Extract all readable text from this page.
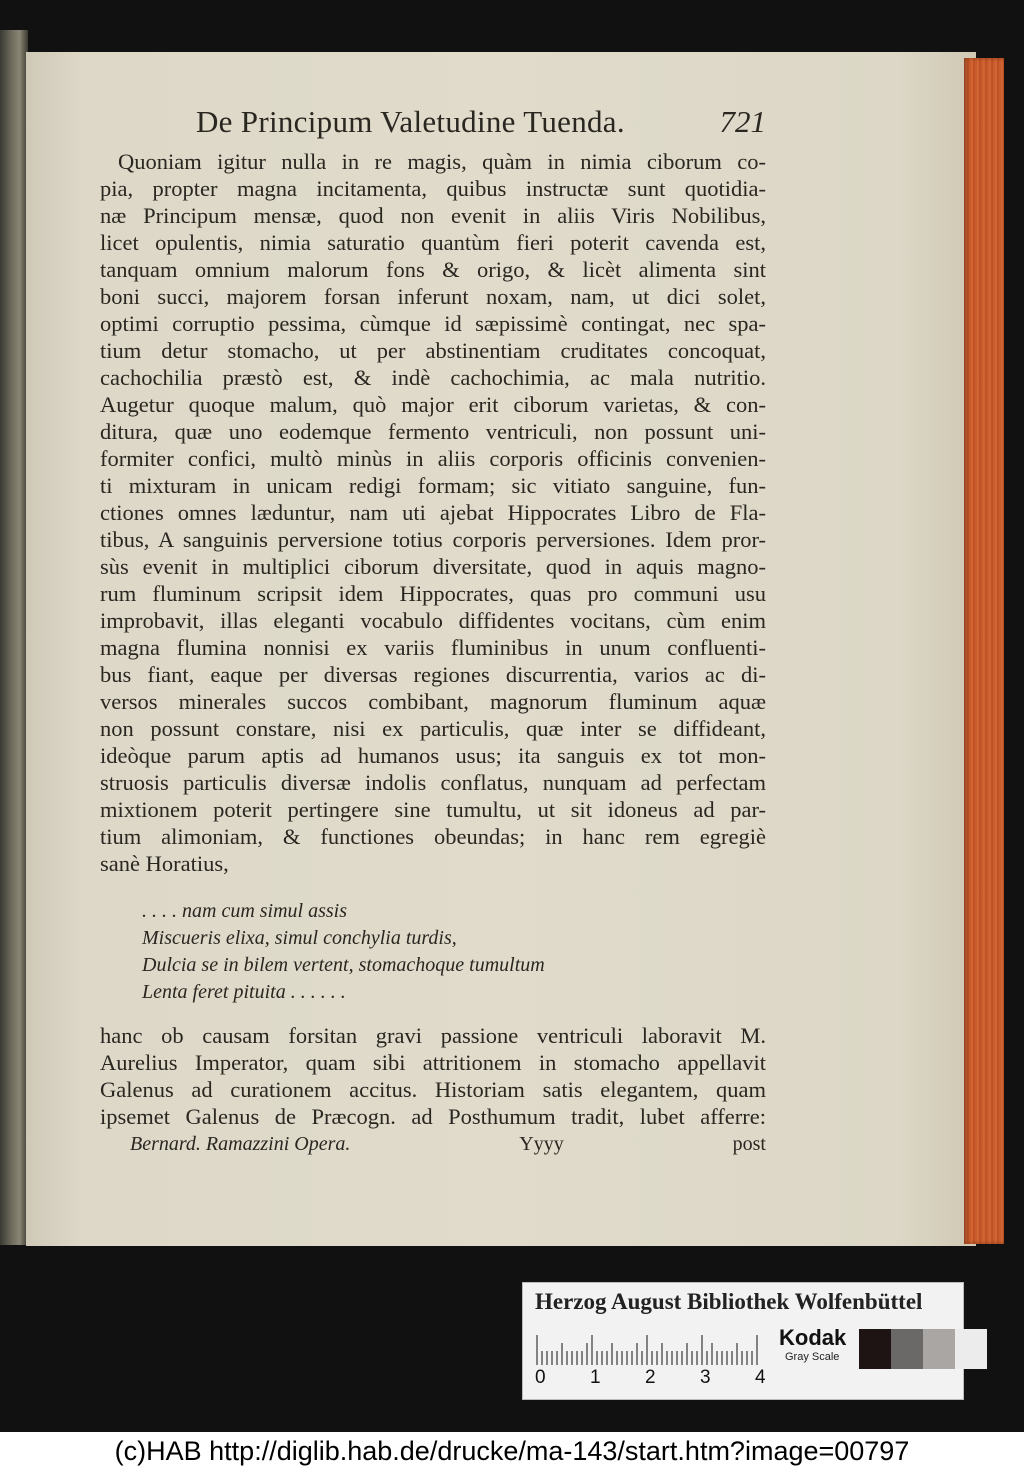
De Principum Valetudine Tuenda.	721
Quoniam igitur nulla in re magis, quàm in nimia ciborum co-
pia, propter magna incitamenta, quibus instructæ sunt quotidia-
næ Principum mensæ, quod non evenit in aliis Viris Nobilibus,
licet opulentis, nimia saturatio quantùm fieri poterit cavenda est,
tanquam omnium malorum fons & origo, & licèt alimenta sint
boni succi, majorem forsan inferunt noxam, nam, ut dici solet,
optimi corruptio pessima, cùmque id sæpissimè contingat, nec spa-
tium detur stomacho, ut per abstinentiam cruditates concoquat,
cachochilia præstò est, & indè cachochimia, ac mala nutritio.
Augetur quoque malum, quò major erit ciborum varietas, & con-
ditura, quæ uno eodemque fermento ventriculi, non possunt uni-
formiter confici, multò minùs in aliis corporis officinis convenien-
ti mixturam in unicam redigi formam; sic vitiato sanguine, fun-
ctiones omnes læduntur, nam uti ajebat Hippocrates Libro de Fla-
tibus, A sanguinis perversione totius corporis perversiones. Idem pror-
sùs evenit in multiplici ciborum diversitate, quod in aquis magno-
rum fluminum scripsit idem Hippocrates, quas pro communi usu
improbavit, illas eleganti vocabulo diffidentes vocitans, cùm enim
magna flumina nonnisi ex variis fluminibus in unum confluenti-
bus fiant, eaque per diversas regiones discurrentia, varios ac di-
versos minerales succos combibant, magnorum fluminum aquæ
non possunt constare, nisi ex particulis, quæ inter se diffideant,
ideòque parum aptis ad humanos usus; ita sanguis ex tot mon-
struosis particulis diversæ indolis conflatus, nunquam ad perfectam
mixtionem poterit pertingere sine tumultu, ut sit idoneus ad par-
tium alimoniam, & functiones obeundas; in hanc rem egregiè
sanè Horatius,
. . . . nam cum simul assis
Miscueris elixa, simul conchylia turdis,
Dulcia se in bilem vertent, stomachoque tumultum
Lenta feret pituita . . . . . .
hanc ob causam forsitan gravi passione ventriculi laboravit M.
Aurelius Imperator, quam sibi attritionem in stomacho appellavit
Galenus ad curationem accitus. Historiam satis elegantem, quam
ipsemet Galenus de Præcogn. ad Posthumum tradit, lubet afferre:
Bernard. Ramazzini Opera.	Yyyy	post
Herzog August Bibliothek Wolfenbüttel
0 1 2 3 4
Kodak
Gray Scale
(c)HAB http://diglib.hab.de/drucke/ma-143/start.htm?image=00797
